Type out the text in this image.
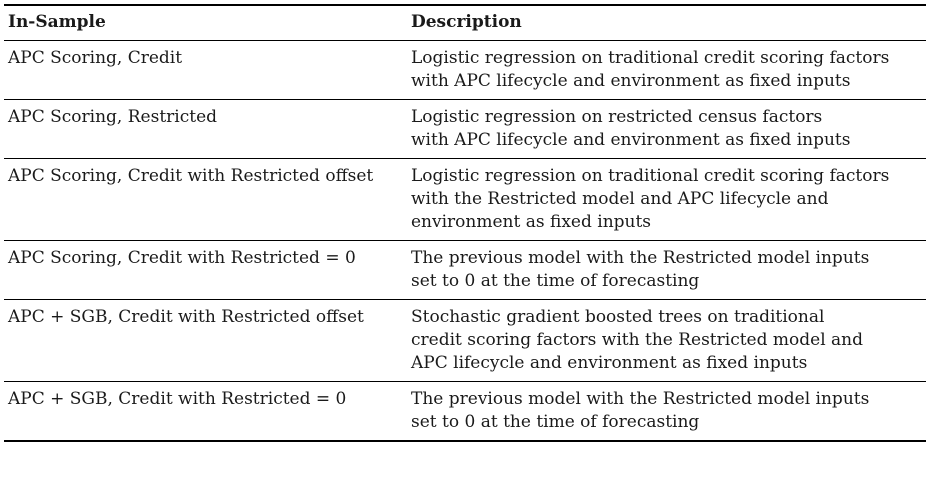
In-Sample	Description
APC Scoring, Credit	Logistic regression on traditional credit scoring factors
with APC lifecycle and environment as fixed inputs

APC Scoring, Restricted	Logistic regression on restricted census factors
with APC lifecycle and environment as fixed inputs

APC Scoring, Credit with Restricted offset	Logistic regression on traditional credit scoring factors
with the Restricted model and APC lifecycle and
environment as fixed inputs

APC Scoring, Credit with Restricted = 0	The previous model with the Restricted model inputs
set to 0 at the time of forecasting

APC + SGB, Credit with Restricted offset	Stochastic gradient boosted trees on traditional
credit scoring factors with the Restricted model and
APC lifecycle and environment as fixed inputs

APC + SGB, Credit with Restricted = 0	The previous model with the Restricted model inputs
set to 0 at the time of forecasting
